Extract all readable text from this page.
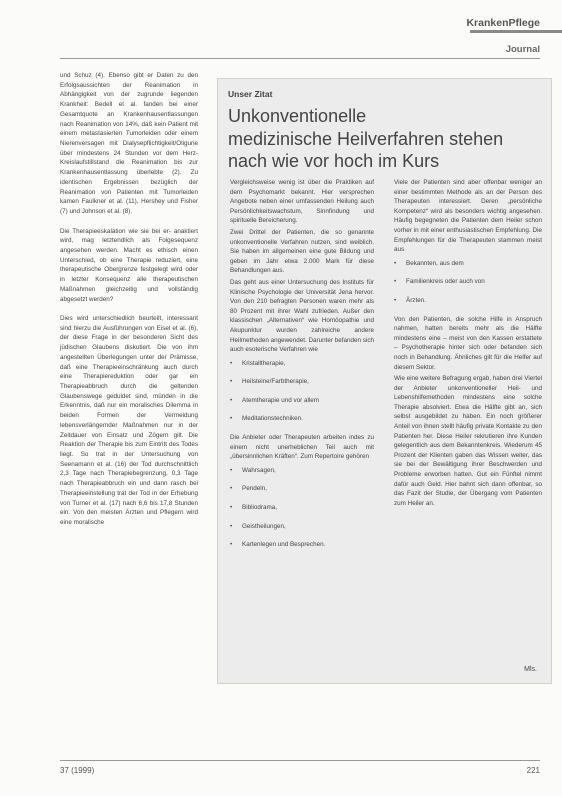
KrankenPflege
Journal

und Schuz (4). Ebenso gibt er Daten zu den Erfolgsaussichten der Reanimation in Abhängigkeit von der zugrunde liegenden Krankheit: Bedell et al. fanden bei einer Gesamtquote an Krankenhausentlassungen nach Reanimation von 14%, daß kein Patient mit einem metastasierten Tumorleiden oder einem Nierenversagen mit Dialysepflichtigkeit/Oligurie über mindestens 24 Stunden vor dem Herz-Kreislaufstillstand die Reanimation bis zur Krankenhausentlassung überlebte (2). Zu identischen Ergebnissen bezüglich der Reanimation von Patienten mit Tumorleiden kamen Faulkner et al. (11), Hershey und Fisher (7) und Johnson et al. (8).

Die Therapieeskalation wie sie bei er- anaktiert wird, mag letztendlich als Folgesequenz angesehen werden. Macht es ethisch einen Unterschied, ob eine Therapie reduziert, eine therapeutische Obergrenze festgelegt wird oder in letzter Konsequenz alle therapeutischen Maßnahmen gleichzeitig und vollständig abgesetzt werden?

Dies wird unterschiedlich beurteilt, interessant sind hierzu die Ausführungen von Eisel et al. (6), der diese Frage in der besonderen Sicht des jüdischen Glaubens diskutiert. Die von ihm angestellten Überlegungen unter der Prämisse, daß eine Therapieeinschränkung auch durch eine Therapiereduktion oder gar ein Therapieabbruch durch die geltenden Glaubenswege geduldet sind, münden in die Erkenntnis, daß nur ein moralisches Dilemma in beiden Formen der Vermeidung lebensverlängernder Maßnahmen nur in der Zeitdauer von Einsatz und Zögern gilt. Die Reaktion der Therapie bis zum Eintritt des Todes liegt. So trat in der Untersuchung von Seenamann et al. (16) der Tod durchschnittlich 2,3 Tage nach Therapiebegrenzung, 0,3 Tage nach Therapieabbruch ein und dann rasch bei Therapieeinstellung trat der Tod in der Erhebung von Turner et al. (17) nach 6,6 bis 17,8 Stunden ein. Von den meisten Ärzten und Pflegern wird eine moralische

Unser Zitat
Unkonventionelle
medizinische Heilverfahren stehen
nach wie vor hoch im Kurs

Vergleichsweise wenig ist über die Praktiken auf dem Psychomarkt bekannt. Hier versprechen Angebote neben einer umfassenden Heilung auch Persönlichkeitswachstum, Sinnfindung und spirituelle Bereicherung.

Zwei Drittel der Patienten, die so genannte unkonventionelle Verfahren nutzen, sind weiblich. Sie haben im allgemeinen eine gute Bildung und geben im Jahr etwa 2.000 Mark für diese Behandlungen aus.

Das geht aus einer Untersuchung des Instituts für Klinische Psychologie der Universität Jena hervor. Von den 210 befragten Personen waren mehr als 80 Prozent mit ihrer Wahl zufrieden. Außer den klassischen „Alternativen“ wie Homöopathie und Akupunktur wurden zahlreiche andere Heilmethoden angewendet. Darunter befanden sich auch esoterische Verfahren wie

• Kristalltherapie,
• Heilsteine/Farbtherapie,
• Atemtherapie und vor allem
• Meditationstechniken.

Die Anbieter oder Therapeuten arbeiten indes zu einem nicht unerheblichen Teil auch mit „übersinnlichen Kräften“. Zum Repertoire gehören

• Wahrsagen,
• Pendeln,
• Bibliodrama,
• Geistheilungen,
• Kartenlegen und Besprechen.

Viele der Patienten sind aber offenbar weniger an einer bestimmten Methode als an der Person des Therapeuten interessiert. Deren „persönliche Kompetenz“ wird als besonders wichtig angesehen. Häufig begegneten die Patienten dem Heiler schon vorher in mit einer enthusiastischen Empfehlung. Die Empfehlungen für die Therapeuten stammen meist aus

• Bekannten, aus dem
• Familienkreis oder auch von
• Ärzten.

Von den Patienten, die solche Hilfe in Anspruch nahmen, hatten bereits mehr als die Hälfte mindestens eine – meist von den Kassen erstattete – Psychotherapie hinter sich oder befanden sich noch in Behandlung. Ähnliches gilt für die Helfer auf diesem Sektor.

Wie eine weitere Befragung ergab, haben drei Viertel der Anbieter unkonventioneller Heil- und Lebenshilfemethoden mindestens eine solche Therapie absolviert. Etwa die Hälfte gibt an, sich selbst ausgebildet zu haben. Ein noch größerer Anteil von ihnen stellt häufig private Kontakte zu den Patienten her. Diese Heiler rekrutieren ihre Kunden gelegentlich aus dem Bekanntenkreis. Wiederum 45 Prozent der Klienten gaben das Wissen weiter, das sie bei der Bewältigung ihrer Beschwerden und Probleme erworben hatten. Gut ein Fünftel nimmt dafür auch Geld. Hier bahnt sich dann offenbar, so das Fazit der Studie, der Übergang vom Patienten zum Heiler an.

Mls.
37 (1999)	221
